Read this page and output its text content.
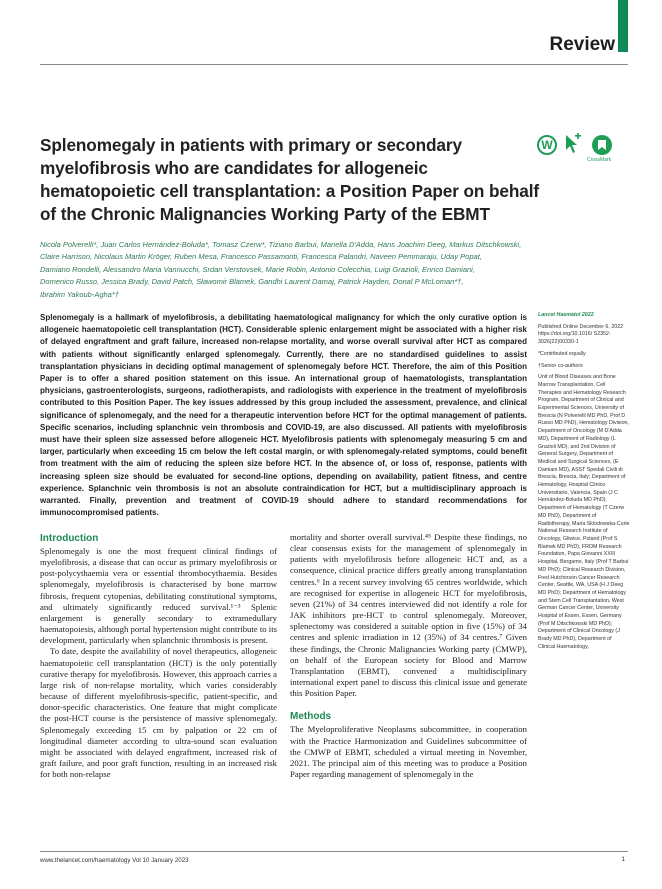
Review
Splenomegaly in patients with primary or secondary
myelofibrosis who are candidates for allogeneic
hematopoietic cell transplantation: a Position Paper on behalf
of the Chronic Malignancies Working Party of the EBMT
W
CrossMark
Nicola Polverelli*, Juan Carlos Hernández-Boluda*, Tomasz Czerw*, Tiziano Barbui, Mariella D'Adda, Hans Joachim Deeg, Markus Ditschkowski,
Claire Harrison, Nicolaus Martin Kröger, Ruben Mesa, Francesco Passamonti, Francesca Palandri, Naveen Pemmaraju, Uday Popat,
Damiano Rondelli, Alessandro Maria Vannucchi, Srdan Verstovsek, Marie Robin, Antonio Colecchia, Luigi Grazioli, Enrico Damiani,
Domenico Russo, Jessica Brady, David Patch, Sławomir Blamek, Gandhi Laurent Damaj, Patrick Hayden, Donal P McLoman*†,
Ibrahim Yakoub-Agha*†

Splenomegaly is a hallmark of myelofibrosis, a debilitating haematological malignancy for which the only curative option is allogeneic haematopoietic cell transplantation (HCT). Considerable splenic enlargement might be associated with a higher risk of delayed engraftment and graft failure, increased non-relapse mortality, and worse overall survival after HCT as compared with patients without significantly enlarged splenomegaly. Currently, there are no standardised guidelines to assist transplantation physicians in deciding optimal management of splenomegaly before HCT. Therefore, the aim of this Position Paper is to offer a shared position statement on this issue. An international group of haematologists, transplantation physicians, gastroenterologists, surgeons, radiotherapists, and radiologists with experience in the treatment of myelofibrosis contributed to this Position Paper. The key issues addressed by this group included the assessment, prevalence, and clinical significance of splenomegaly, and the need for a therapeutic intervention before HCT for the optimal management of patients. Specific scenarios, including splanchnic vein thrombosis and COVID-19, are also discussed. All patients with myelofibrosis must have their spleen size assessed before allogeneic HCT. Myelofibrosis patients with splenomegaly measuring 5 cm and larger, particularly when exceeding 15 cm below the left costal margin, or with splenomegaly-related symptoms, could benefit from treatment with the aim of reducing the spleen size before HCT. In the absence of, or loss of, response, patients with increasing spleen size should be evaluated for second-line options, depending on availability, patient fitness, and centre experience. Splanchnic vein thrombosis is not an absolute contraindication for HCT, but a multidisciplinary approach is warranted. Finally, prevention and treatment of COVID-19 should adhere to standard recommendations for immunocompromised patients.

Lancet Haematol 2022
Published Online December 6, 2022 https://doi.org/10.1016/ S2352-3026(22)00330-1
*Contributed equally
†Senior co-authors
Unit of Blood Diseases and Bone Marrow Transplantation, Cell Therapies and Hematology Research Program, Department of Clinical and Experimental Sciences, University of Brescia (N Polverelli MD PhD, Prof D Russo MD PhD), Hematology Division, Department of Oncology (M D'Adda MD), Department of Radiology (L Grazioli MD), and 2nd Division of General Surgery, Department of Medical and Surgical Sciences, (E Damiani MD), ASST Spedali Civili di Brescia, Brescia, Italy; Department of Hematology, Hospital Clinico Universitario, Valencia, Spain (J C Hernández-Boluda MD PhD); Department of Hematology (T Czerw MD PhD), Department of Radiotherapy, Maria Sklodowska-Curie National Research Institute of Oncology, Gliwice, Poland (Prof S Blamek MD PhD); FROM Research Foundation, Papa Giovanni XXIII Hospital, Bergamo, Italy (Prof T Barbui MD PhD); Clinical Research Division, Fred Hutchinson Cancer Research Center, Seattle, WA, USA (H J Deeg MD PhD); Department of Hematology and Stem Cell Transplantation, West German Cancer Center, University Hospital of Essen, Essen, Germany (Prof M Ditschkowski MD PhD); Department of Clinical Oncology (J Brady MD PhD), Department of Clinical Haematology,
Introduction

Splenomegaly is one the most frequent clinical findings of myelofibrosis, a disease that can occur as primary myelofibrosis or post-polycythaemia vera or essential thrombocythaemia. Besides splenomegaly, myelofibrosis is characterised by bone marrow fibrosis, frequent cytopenias, debilitating constitutional symptoms, and ultimately significantly reduced survival.¹⁻³ Splenic enlargement is generally secondary to extramedullary haematopoiesis, although portal hypertension might contribute to its development, particularly when splanchnic thrombosis is present.

To date, despite the availability of novel therapeutics, allogeneic haematopoietic cell transplantation (HCT) is the only potentially curative therapy for myelofibrosis. However, this approach carries a large risk of non-relapse mortality, which varies considerably because of different myelofibrosis-specific, patient-specific, and donor-specific characteristics. One feature that might complicate the post-HCT course is the persistence of massive splenomegaly. Splenomegaly exceeding 15 cm by palpation or 22 cm of longitudinal diameter according to ultra-sound scan evaluation might be associated with delayed engraftment, increased risk of graft failure, and poor graft function, resulting in an increased risk for both non-relapse

mortality and shorter overall survival.⁴⁵ Despite these findings, no clear consensus exists for the management of splenomegaly in patients with myelofibrosis before allogeneic HCT and, as a consequence, clinical practice differs greatly among transplantation centres.⁶ In a recent survey involving 65 centres worldwide, which are recognised for expertise in allogeneic HCT for myelofibrosis, seven (21%) of 34 centres interviewed did not identify a role for JAK inhibitors pre-HCT to control splenomegaly. Moreover, splenectomy was considered a suitable option in five (15%) of 34 centres and splenic irradiation in 12 (35%) of 34 centres.⁷ Given these findings, the Chronic Malignancies Working party (CMWP), on behalf of the European society for Blood and Marrow Transplantation (EBMT), convened a multidisciplinary international expert panel to discuss this clinical issue and generate this Position Paper.

Methods

The Myeloproliferative Neoplasms subcommittee, in cooperation with the Practice Harmonization and Guidelines subcommittee of the CMWP of EBMT, scheduled a virtual meeting in November, 2021. The principal aim of this meeting was to produce a Position Paper regarding management of splenomegaly in the

www.thelancet.com/haematology Vol 10 January 2023	1
